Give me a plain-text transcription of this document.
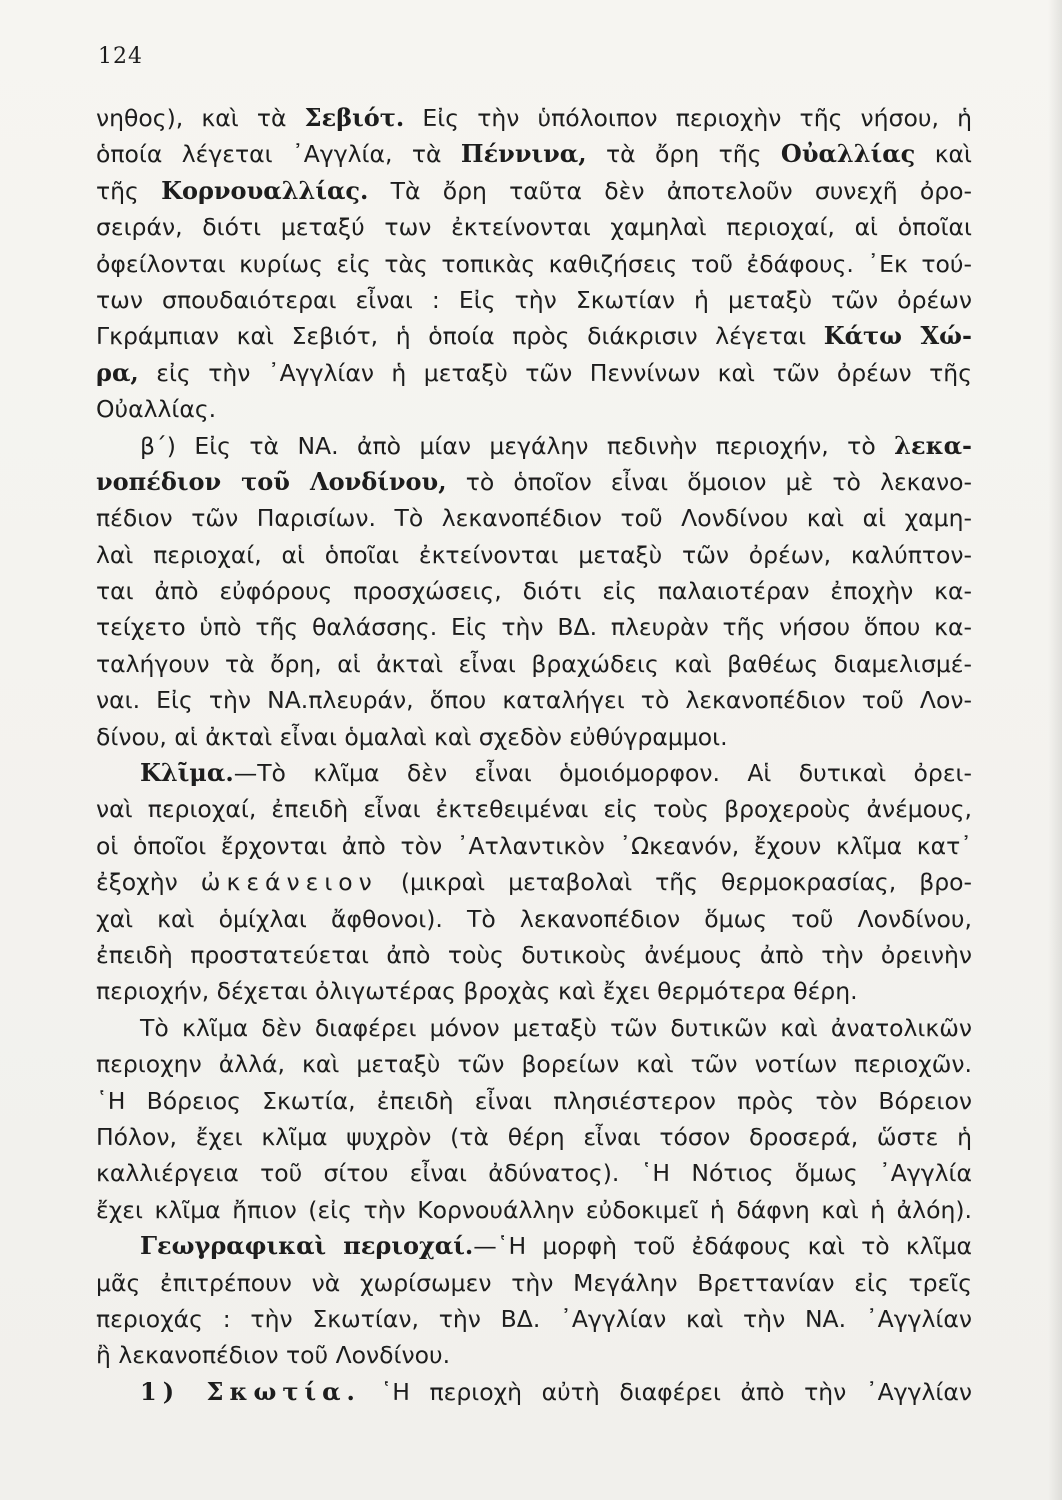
124
νηθος), καὶ τὰ Σεβιότ. Εἰς τὴν ὑπόλοιπον περιοχὴν τῆς νήσου, ἡ
ὁποία λέγεται ᾿Αγγλία, τὰ Πέννινα, τὰ ὄρη τῆς Οὐαλλίας καὶ
τῆς Κορνουαλλίας. Τὰ ὄρη ταῦτα δὲν ἀποτελοῦν συνεχῆ ὀρο-
σειράν, διότι μεταξύ των ἐκτείνονται χαμηλαὶ περιοχαί, αἱ ὁποῖαι
ὀφείλονται κυρίως εἰς τὰς τοπικὰς καθιζήσεις τοῦ ἐδάφους. ᾿Εκ τού-
των σπουδαιότεραι εἶναι : Εἰς τὴν Σκωτίαν ἡ μεταξὺ τῶν ὀρέων
Γκράμπιαν καὶ Σεβιότ, ἡ ὁποία πρὸς διάκρισιν λέγεται Κάτω Χώ-
ρα, εἰς τὴν ᾿Αγγλίαν ἡ μεταξὺ τῶν Πεννίνων καὶ τῶν ὀρέων τῆς
Οὐαλλίας.
β΄) Εἰς τὰ ΝΑ. ἀπὸ μίαν μεγάλην πεδινὴν περιοχήν, τὸ λεκα-
νοπέδιον τοῦ Λονδίνου, τὸ ὁποῖον εἶναι ὅμοιον μὲ τὸ λεκανο-
πέδιον τῶν Παρισίων. Τὸ λεκανοπέδιον τοῦ Λονδίνου καὶ αἱ χαμη-
λαὶ περιοχαί, αἱ ὁποῖαι ἐκτείνονται μεταξὺ τῶν ὀρέων, καλύπτον-
ται ἀπὸ εὐφόρους προσχώσεις, διότι εἰς παλαιοτέραν ἐποχὴν κα-
τείχετο ὑπὸ τῆς θαλάσσης. Εἰς τὴν ΒΔ. πλευρὰν τῆς νήσου ὅπου κα-
ταλήγουν τὰ ὄρη, αἱ ἀκταὶ εἶναι βραχώδεις καὶ βαθέως διαμελισμέ-
ναι. Εἰς τὴν ΝΑ.πλευράν, ὅπου καταλήγει τὸ λεκανοπέδιον τοῦ Λον-
δίνου, αἱ ἀκταὶ εἶναι ὁμαλαὶ καὶ σχεδὸν εὐθύγραμμοι.
Κλῖμα.—Τὸ κλῖμα δὲν εἶναι ὁμοιόμορφον. Αἱ δυτικαὶ ὀρει-
ναὶ περιοχαί, ἐπειδὴ εἶναι ἐκτεθειμέναι εἰς τοὺς βροχεροὺς ἀνέμους,
οἱ ὁποῖοι ἔρχονται ἀπὸ τὸν ᾿Ατλαντικὸν ᾿Ωκεανόν, ἔχουν κλῖμα κατ᾿
ἐξοχὴν ὠκεάνειον (μικραὶ μεταβολαὶ τῆς θερμοκρασίας, βρο-
χαὶ καὶ ὁμίχλαι ἄφθονοι). Τὸ λεκανοπέδιον ὅμως τοῦ Λονδίνου,
ἐπειδὴ προστατεύεται ἀπὸ τοὺς δυτικοὺς ἀνέμους ἀπὸ τὴν ὀρεινὴν
περιοχήν, δέχεται ὀλιγωτέρας βροχὰς καὶ ἔχει θερμότερα θέρη.
Τὸ κλῖμα δὲν διαφέρει μόνον μεταξὺ τῶν δυτικῶν καὶ ἀνατολικῶν
περιοχην ἀλλά, καὶ μεταξὺ τῶν βορείων καὶ τῶν νοτίων περιοχῶν.
῾Η Βόρειος Σκωτία, ἐπειδὴ εἶναι πλησιέστερον πρὸς τὸν Βόρειον
Πόλον, ἔχει κλῖμα ψυχρὸν (τὰ θέρη εἶναι τόσον δροσερά, ὥστε ἡ
καλλιέργεια τοῦ σίτου εἶναι ἀδύνατος). ῾Η Νότιος ὅμως ᾿Αγγλία
ἔχει κλῖμα ἤπιον (εἰς τὴν Κορνουάλλην εὐδοκιμεῖ ἡ δάφνη καὶ ἡ ἀλόη).
Γεωγραφικαὶ περιοχαί.—῾Η μορφὴ τοῦ ἐδάφους καὶ τὸ κλῖμα
μᾶς ἐπιτρέπουν νὰ χωρίσωμεν τὴν Μεγάλην Βρεττανίαν εἰς τρεῖς
περιοχάς : τὴν Σκωτίαν, τὴν ΒΔ. ᾿Αγγλίαν καὶ τὴν ΝΑ. ᾿Αγγλίαν
ἢ λεκανοπέδιον τοῦ Λονδίνου.
1) Σκωτία. ῾Η περιοχὴ αὐτὴ διαφέρει ἀπὸ τὴν ᾿Αγγλίαν
